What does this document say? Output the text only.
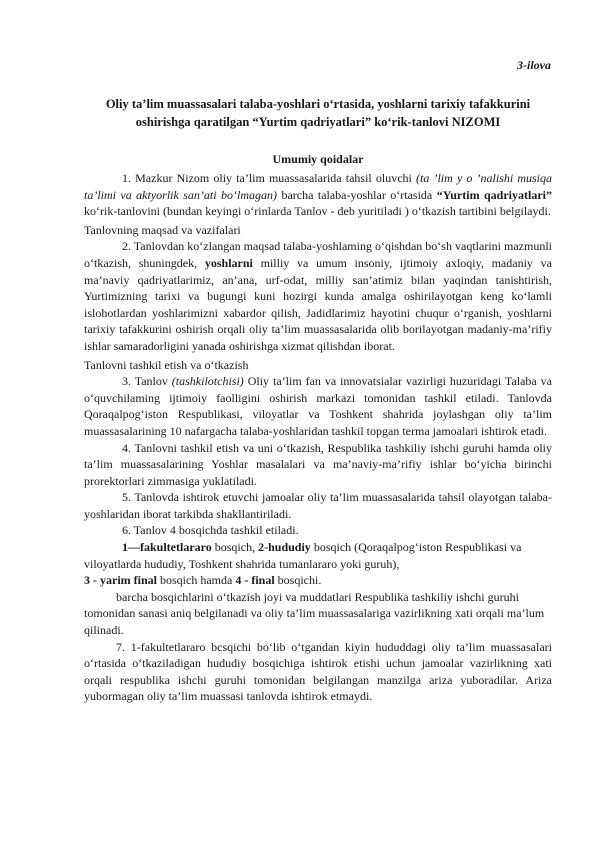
3-ilova
Oliy ta’lim muassasalari talaba-yoshlari o‘rtasida, yoshlarni tarixiy tafakkurini oshirishga qaratilgan “Yurtim qadriyatlari” ko‘rik-tanlovi NIZOMI
Umumiy qoidalar

1. Mazkur Nizom oliy ta’lim muassasalarida tahsil oluvchi (ta ’lim y o ’nalishi musiqa ta’limi va aktyorlik san’ati bo‘lmagan) barcha talaba-yoshlar o‘rtasida “Yurtim qadriyatlari” ko‘rik-tanlovini (bundan keyingi o‘rinlarda Tanlov - deb yuritiladi ) o‘tkazish tartibini belgilaydi.

Tanlovning maqsad va vazifalari

2. Tanlovdan ko‘zlangan maqsad talaba-yoshlaming o‘qishdan bo‘sh vaqtlarini mazmunli o‘tkazish, shuningdek, yoshlarni milliy va umum insoniy, ijtimoiy axloqiy, madaniy va ma’naviy qadriyatlarimiz, an’ana, urf-odat, milliy san’atimiz bilan yaqindan tanishtirish, Yurtimizning tarixi va bugungi kuni hozirgi kunda amalga oshirilayotgan keng ko‘lamli islohotlardan yoshlarimizni xabardor qilish, Jadidlarimiz hayotini chuqur o‘rganish, yoshlarni tarixiy tafakkurini oshirish orqali oliy ta’lim muassasalarida olib borilayotgan madaniy-ma’rifiy ishlar samaradorligini yanada oshirishga xizmat qilishdan iborat.

Tanlovni tashkil etish va o‘tkazish

3. Tanlov (tashkilotchisi) Oliy ta’lim fan va innovatsialar vazirligi huzuridagi Talaba va o‘quvchilaming ijtimoiy faolligini oshirish markazi tomonidan tashkil etiladi. Tanlovda Qoraqalpog‘iston Respublikasi, viloyatlar va Toshkent shahrida joylashgan oliy ta’lim muassasalarining 10 nafargacha talaba-yoshlaridan tashkil topgan terma jamoalari ishtirok etadi.

4. Tanlovni tashkil etish va uni o‘tkazish, Respublika tashkiliy ishchi guruhi hamda oliy ta’lim muassasalarining Yoshlar masalalari va ma’naviy-ma’rifiy ishlar bo‘yicha birinchi prorektorlari zimmasiga yuklatiladi.

5. Tanlovda ishtirok etuvchi jamoalar oliy ta’lim muassasalarida tahsil olayotgan talaba-yoshlaridan iborat tarkibda shakllantiriladi.

6. Tanlov 4 bosqichda tashkil etiladi.

1—fakultetlararo bosqich, 2-hududiy bosqich (Qoraqalpog‘iston Respublikasi va viloyatlarda hududiy, Toshkent shahrida tumanlararo yoki guruh),
3 - yarim final bosqich hamda 4 - final bosqichi.

barcha bosqichlarini o‘tkazish joyi va muddatlari Respublika tashkiliy ishchi guruhi tomonidan sanasi aniq belgilanadi va oliy ta’lim muassasalariga vazirlikning xati orqali ma’lum qilinadi.

7. 1-fakultetlararo bcsqichi bo‘lib o‘tgandan kiyin hududdagi oliy ta’lim muassasalari o‘rtasida o‘tkaziladigan hududiy bosqichiga ishtirok etishi uchun jamoalar vazirlikning xati orqali respublika ishchi guruhi tomonidan belgilangan manzilga ariza yuboradilar. Ariza yubormagan oliy ta’lim muassasi tanlovda ishtirok etmaydi.
